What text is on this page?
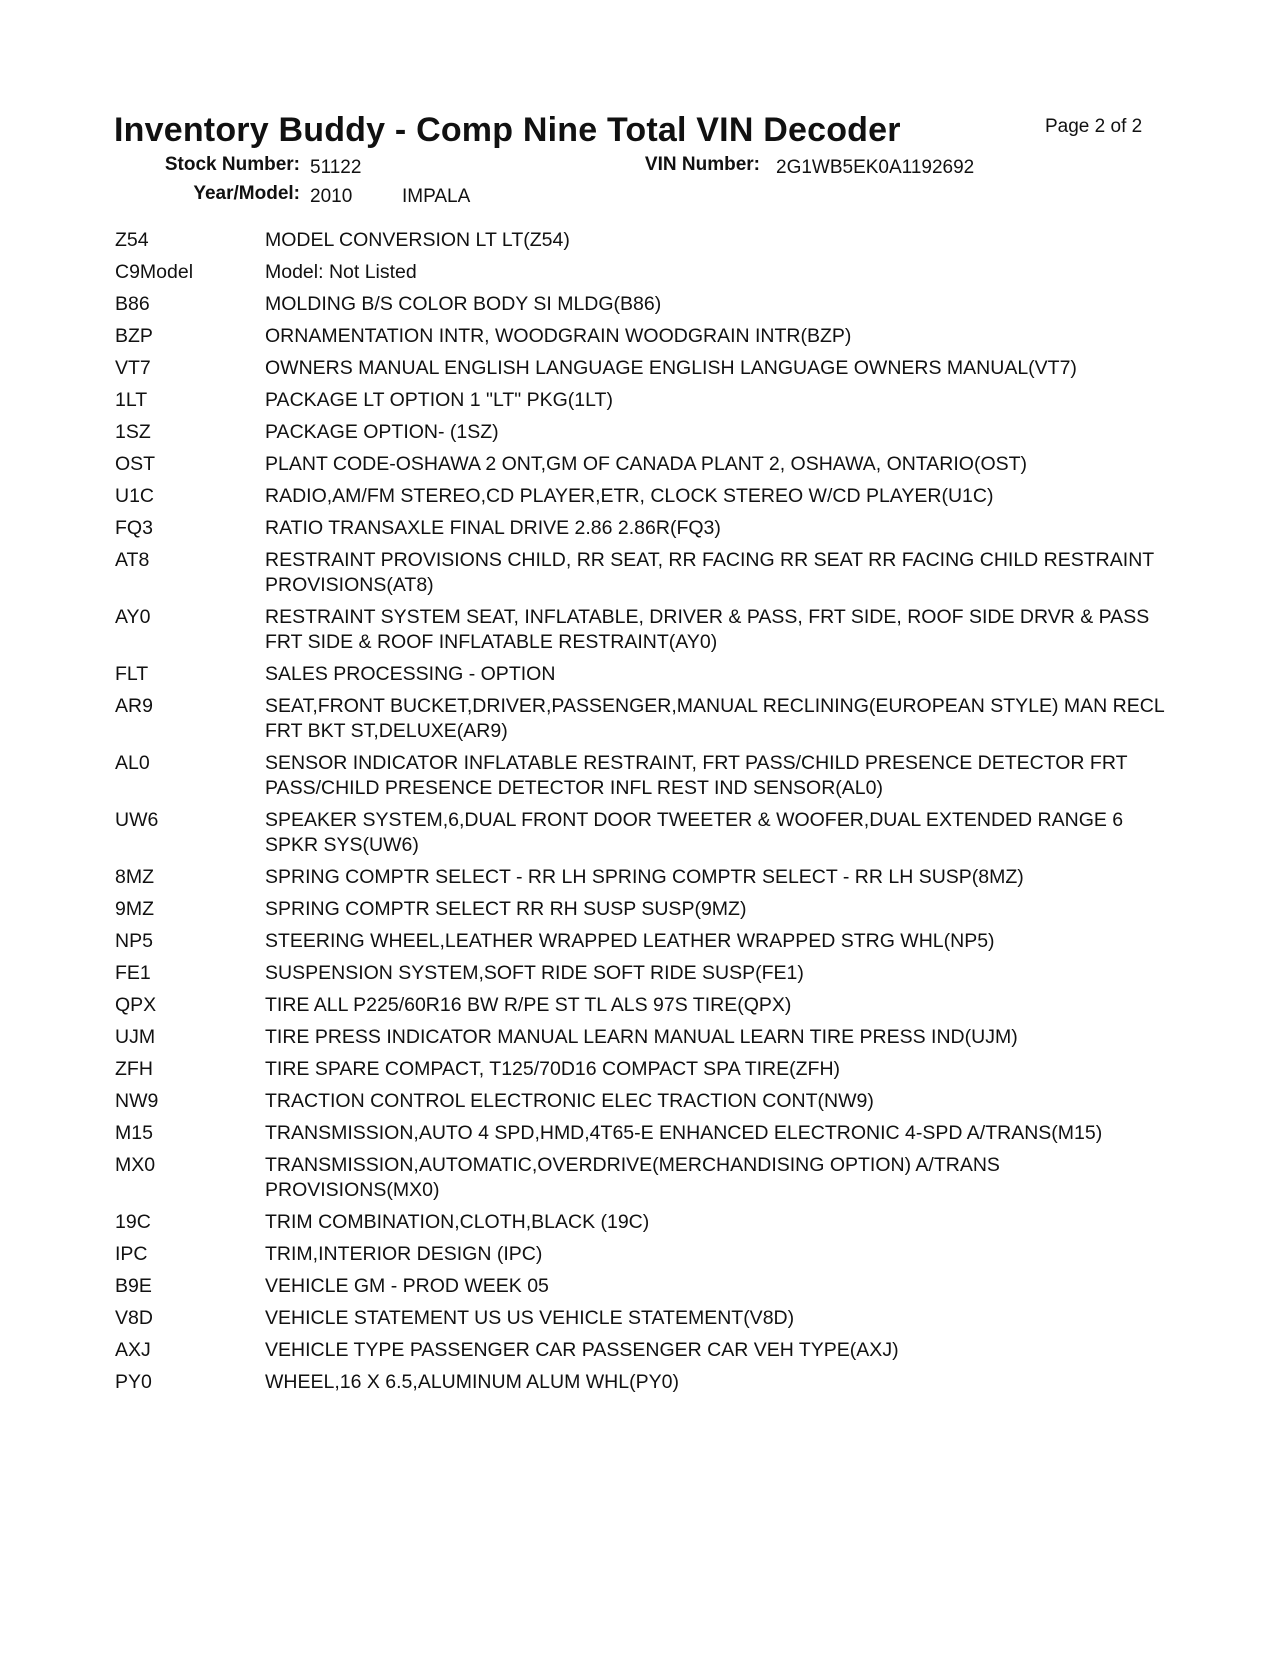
Inventory Buddy - Comp Nine Total VIN Decoder	Page 2 of 2
Stock Number: 51122	VIN Number: 2G1WB5EK0A1192692
Year/Model: 2010	IMPALA
Z54	MODEL CONVERSION LT LT(Z54)
C9Model	Model: Not Listed
B86	MOLDING B/S COLOR BODY SI MLDG(B86)
BZP	ORNAMENTATION INTR, WOODGRAIN WOODGRAIN INTR(BZP)
VT7	OWNERS MANUAL ENGLISH LANGUAGE ENGLISH LANGUAGE OWNERS MANUAL(VT7)
1LT	PACKAGE LT OPTION 1 "LT" PKG(1LT)
1SZ	PACKAGE OPTION- (1SZ)
OST	PLANT CODE-OSHAWA 2 ONT,GM OF CANADA PLANT 2, OSHAWA, ONTARIO(OST)
U1C	RADIO,AM/FM STEREO,CD PLAYER,ETR, CLOCK STEREO W/CD PLAYER(U1C)
FQ3	RATIO TRANSAXLE FINAL DRIVE 2.86 2.86R(FQ3)
AT8	RESTRAINT PROVISIONS CHILD, RR SEAT, RR FACING RR SEAT RR FACING CHILD RESTRAINT PROVISIONS(AT8)
AY0	RESTRAINT SYSTEM SEAT, INFLATABLE, DRIVER & PASS, FRT SIDE, ROOF SIDE DRVR & PASS FRT SIDE & ROOF INFLATABLE RESTRAINT(AY0)
FLT	SALES PROCESSING - OPTION
AR9	SEAT,FRONT BUCKET,DRIVER,PASSENGER,MANUAL RECLINING(EUROPEAN STYLE) MAN RECL FRT BKT ST,DELUXE(AR9)
AL0	SENSOR INDICATOR INFLATABLE RESTRAINT, FRT PASS/CHILD PRESENCE DETECTOR FRT PASS/CHILD PRESENCE DETECTOR INFL REST IND SENSOR(AL0)
UW6	SPEAKER SYSTEM,6,DUAL FRONT DOOR TWEETER & WOOFER,DUAL EXTENDED RANGE 6 SPKR SYS(UW6)
8MZ	SPRING COMPTR SELECT - RR LH SPRING COMPTR SELECT - RR LH SUSP(8MZ)
9MZ	SPRING COMPTR SELECT RR RH SUSP SUSP(9MZ)
NP5	STEERING WHEEL,LEATHER WRAPPED LEATHER WRAPPED STRG WHL(NP5)
FE1	SUSPENSION SYSTEM,SOFT RIDE SOFT RIDE SUSP(FE1)
QPX	TIRE ALL P225/60R16 BW R/PE ST TL ALS 97S TIRE(QPX)
UJM	TIRE PRESS INDICATOR MANUAL LEARN MANUAL LEARN TIRE PRESS IND(UJM)
ZFH	TIRE SPARE COMPACT, T125/70D16 COMPACT SPA TIRE(ZFH)
NW9	TRACTION CONTROL ELECTRONIC ELEC TRACTION CONT(NW9)
M15	TRANSMISSION,AUTO 4 SPD,HMD,4T65-E ENHANCED ELECTRONIC 4-SPD A/TRANS(M15)
MX0	TRANSMISSION,AUTOMATIC,OVERDRIVE(MERCHANDISING OPTION) A/TRANS PROVISIONS(MX0)
19C	TRIM COMBINATION,CLOTH,BLACK (19C)
IPC	TRIM,INTERIOR DESIGN (IPC)
B9E	VEHICLE GM - PROD WEEK 05
V8D	VEHICLE STATEMENT US US VEHICLE STATEMENT(V8D)
AXJ	VEHICLE TYPE PASSENGER CAR PASSENGER CAR VEH TYPE(AXJ)
PY0	WHEEL,16 X 6.5,ALUMINUM ALUM WHL(PY0)
